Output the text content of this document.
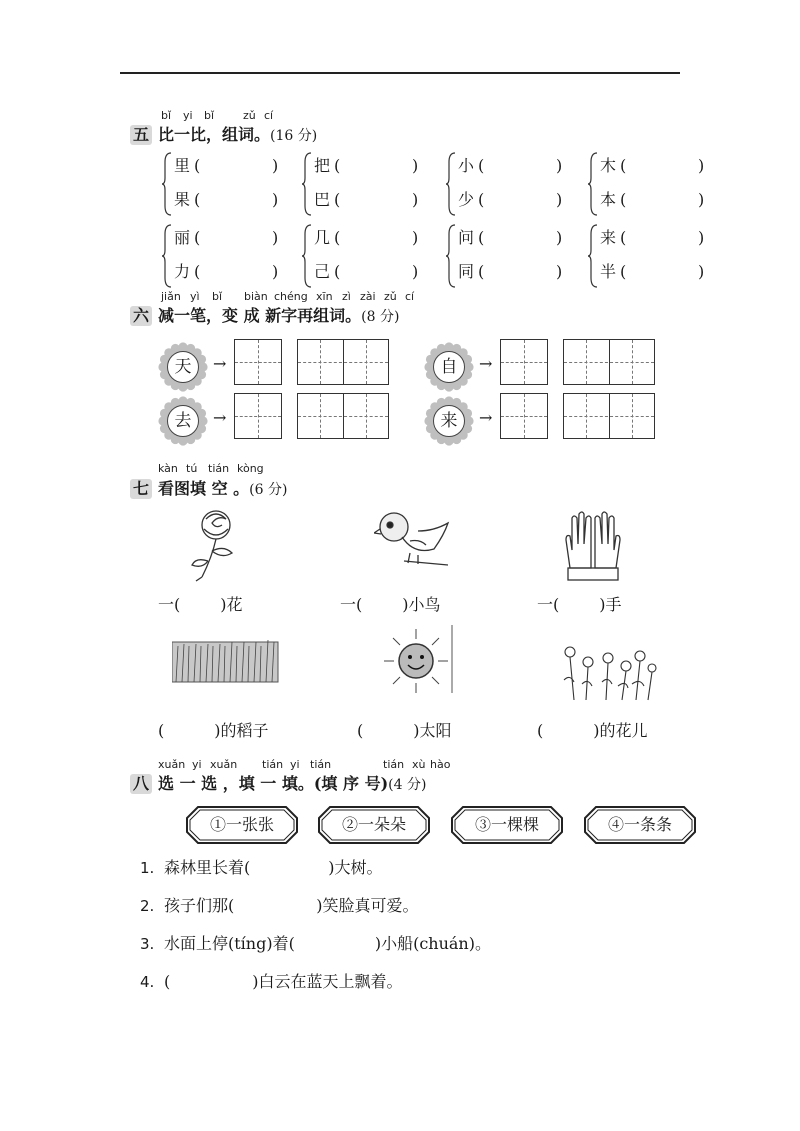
bǐ yi bǐ	zǔ cí
五 比一比，组词。(16 分)
里 (	)
果 (	)
把 (	)
巴 (	)
小 (	)
少 (	)
木 (	)
本 (	)
丽 (	)
力 (	)
几 (	)
己 (	)
问 (	)
同 (	)
来 (	)
半 (	)
jiǎn yì bǐ biàn chéng xīn zì zài zǔ cí
六 减一笔，变 成 新字再组词。(8 分)
天	→	自	→
去	→	来	→
kàn tú tián kòng
七 看图填 空 。(6 分)
一(	)花	一(	)小鸟	一(	)手
(	)的稻子	(	)太阳	(	)的花儿
xuǎn yi xuǎn tián yi tián	tián xù hào
八 选 一 选 ，填 一 填。(填 序 号)(4 分)
①一张张	②一朵朵	③一棵棵	④一条条
1. 森林里长着(	)大树。
2. 孩子们那(	)笑脸真可爱。
3. 水面上停(tíng)着(	)小船(chuán)。
4. (	)白云在蓝天上飘着。
